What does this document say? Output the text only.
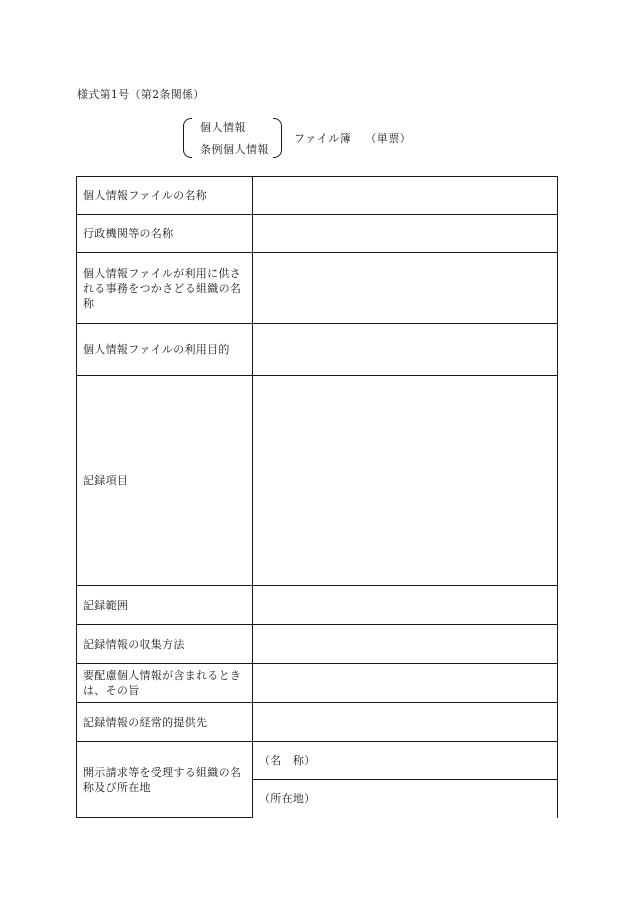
様式第1号（第2条関係）
個人情報
条例個人情報
ファイル簿 （単票）
個人情報ファイルの名称	
行政機関等の名称	
個人情報ファイルが利用に供される事務をつかさどる組織の名称	
個人情報ファイルの利用目的	
記録項目	
記録範囲	
記録情報の収集方法	
要配慮個人情報が含まれるときは、その旨	
記録情報の経常的提供先	
開示請求等を受理する組織の名称及び所在地	（名　称）
	（所在地）
